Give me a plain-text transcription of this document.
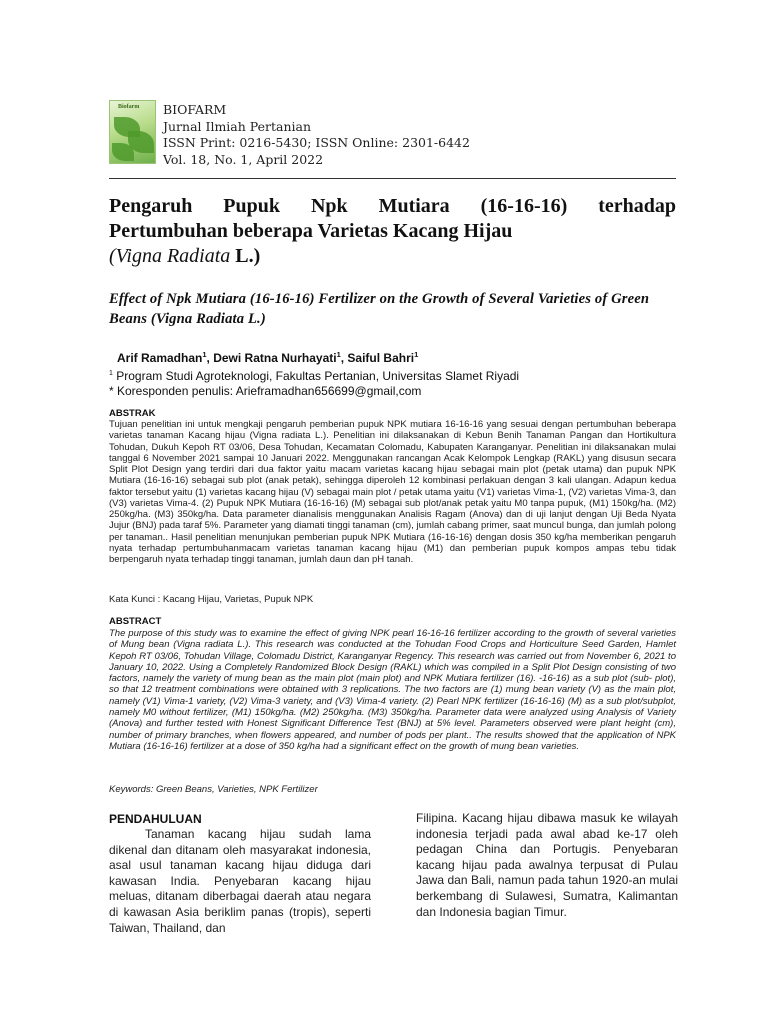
Biofarm BIOFARM
Jurnal Ilmiah Pertanian
ISSN Print: 0216-5430; ISSN Online: 2301-6442
Vol. 18, No. 1, April 2022
Pengaruh Pupuk Npk Mutiara (16-16-16) terhadap
Pertumbuhan beberapa Varietas Kacang Hijau
(Vigna Radiata L.)
Effect of Npk Mutiara (16-16-16) Fertilizer on the Growth of Several Varieties of Green Beans (Vigna Radiata L.)
Arif Ramadhan$^1$, Dewi Ratna Nurhayati$^1$, Saiful Bahri$^1$
$^1$ Program Studi Agroteknologi, Fakultas Pertanian, Universitas Slamet Riyadi
* Koresponden penulis: Arieframadhan656699@gmail,com
ABSTRAK
Tujuan penelitian ini untuk mengkaji pengaruh pemberian pupuk NPK mutiara 16-16-16 yang sesuai dengan pertumbuhan beberapa varietas tanaman Kacang hijau (Vigna radiata L.). Penelitian ini dilaksanakan di Kebun Benih Tanaman Pangan dan Hortikultura Tohudan, Dukuh Kepoh RT 03/06, Desa Tohudan, Kecamatan Colomadu, Kabupaten Karanganyar. Penelitian ini dilaksanakan mulai tanggal 6 November 2021 sampai 10 Januari 2022. Menggunakan rancangan Acak Kelompok Lengkap (RAKL) yang disusun secara Split Plot Design yang terdiri dari dua faktor yaitu macam varietas kacang hijau sebagai main plot (petak utama) dan pupuk NPK Mutiara (16-16-16) sebagai sub plot (anak petak), sehingga diperoleh 12 kombinasi perlakuan dengan 3 kali ulangan. Adapun kedua faktor tersebut yaitu (1) varietas kacang hijau (V) sebagai main plot / petak utama yaitu (V1) varietas Vima-1, (V2) varietas Vima-3, dan (V3) varietas Vima-4. (2) Pupuk NPK Mutiara (16-16-16) (M) sebagai sub plot/anak petak yaitu M0 tanpa pupuk, (M1) 150kg/ha. (M2) 250kg/ha. (M3) 350kg/ha. Data parameter dianalisis menggunakan Analisis Ragam (Anova) dan di uji lanjut dengan Uji Beda Nyata Jujur (BNJ) pada taraf 5%. Parameter yang diamati tinggi tanaman (cm), jumlah cabang primer, saat muncul bunga, dan jumlah polong per tanaman.. Hasil penelitian menunjukan pemberian pupuk NPK Mutiara (16-16-16) dengan dosis 350 kg/ha memberikan pengaruh nyata terhadap pertumbuhanmacam varietas tanaman kacang hijau (M1) dan pemberian pupuk kompos ampas tebu tidak berpengaruh nyata terhadap tinggi tanaman, jumlah daun dan pH tanah.
Kata Kunci : Kacang Hijau, Varietas, Pupuk NPK
ABSTRACT
The purpose of this study was to examine the effect of giving NPK pearl 16-16-16 fertilizer according to the growth of several varieties of Mung bean (Vigna radiata L.). This research was conducted at the Tohudan Food Crops and Horticulture Seed Garden, Hamlet Kepoh RT 03/06, Tohudan Village, Colomadu District, Karanganyar Regency. This research was carried out from November 6, 2021 to January 10, 2022. Using a Completely Randomized Block Design (RAKL) which was compiled in a Split Plot Design consisting of two factors, namely the variety of mung bean as the main plot (main plot) and NPK Mutiara fertilizer (16). -16-16) as a sub plot (sub- plot), so that 12 treatment combinations were obtained with 3 replications. The two factors are (1) mung bean variety (V) as the main plot, namely (V1) Vima-1 variety, (V2) Vima-3 variety, and (V3) Vima-4 variety. (2) Pearl NPK fertilizer (16-16-16) (M) as a sub plot/subplot, namely M0 without fertilizer, (M1) 150kg/ha. (M2) 250kg/ha. (M3) 350kg/ha. Parameter data were analyzed using Analysis of Variety (Anova) and further tested with Honest Significant Difference Test (BNJ) at 5% level. Parameters observed were plant height (cm), number of primary branches, when flowers appeared, and number of pods per plant.. The results showed that the application of NPK Mutiara (16-16-16) fertilizer at a dose of 350 kg/ha had a significant effect on the growth of mung bean varieties.
Keywords: Green Beans, Varieties, NPK Fertilizer
PENDAHULUAN
Tanaman kacang hijau sudah lama dikenal dan ditanam oleh masyarakat indonesia, asal usul tanaman kacang hijau diduga dari kawasan India. Penyebaran kacang hijau meluas, ditanam diberbagai daerah atau negara di kawasan Asia beriklim panas (tropis), seperti Taiwan, Thailand, dan
Filipina. Kacang hijau dibawa masuk ke wilayah indonesia terjadi pada awal abad ke-17 oleh pedagan China dan Portugis. Penyebaran kacang hijau pada awalnya terpusat di Pulau Jawa dan Bali, namun pada tahun 1920-an mulai berkembang di Sulawesi, Sumatra, Kalimantan dan Indonesia bagian Timur.
